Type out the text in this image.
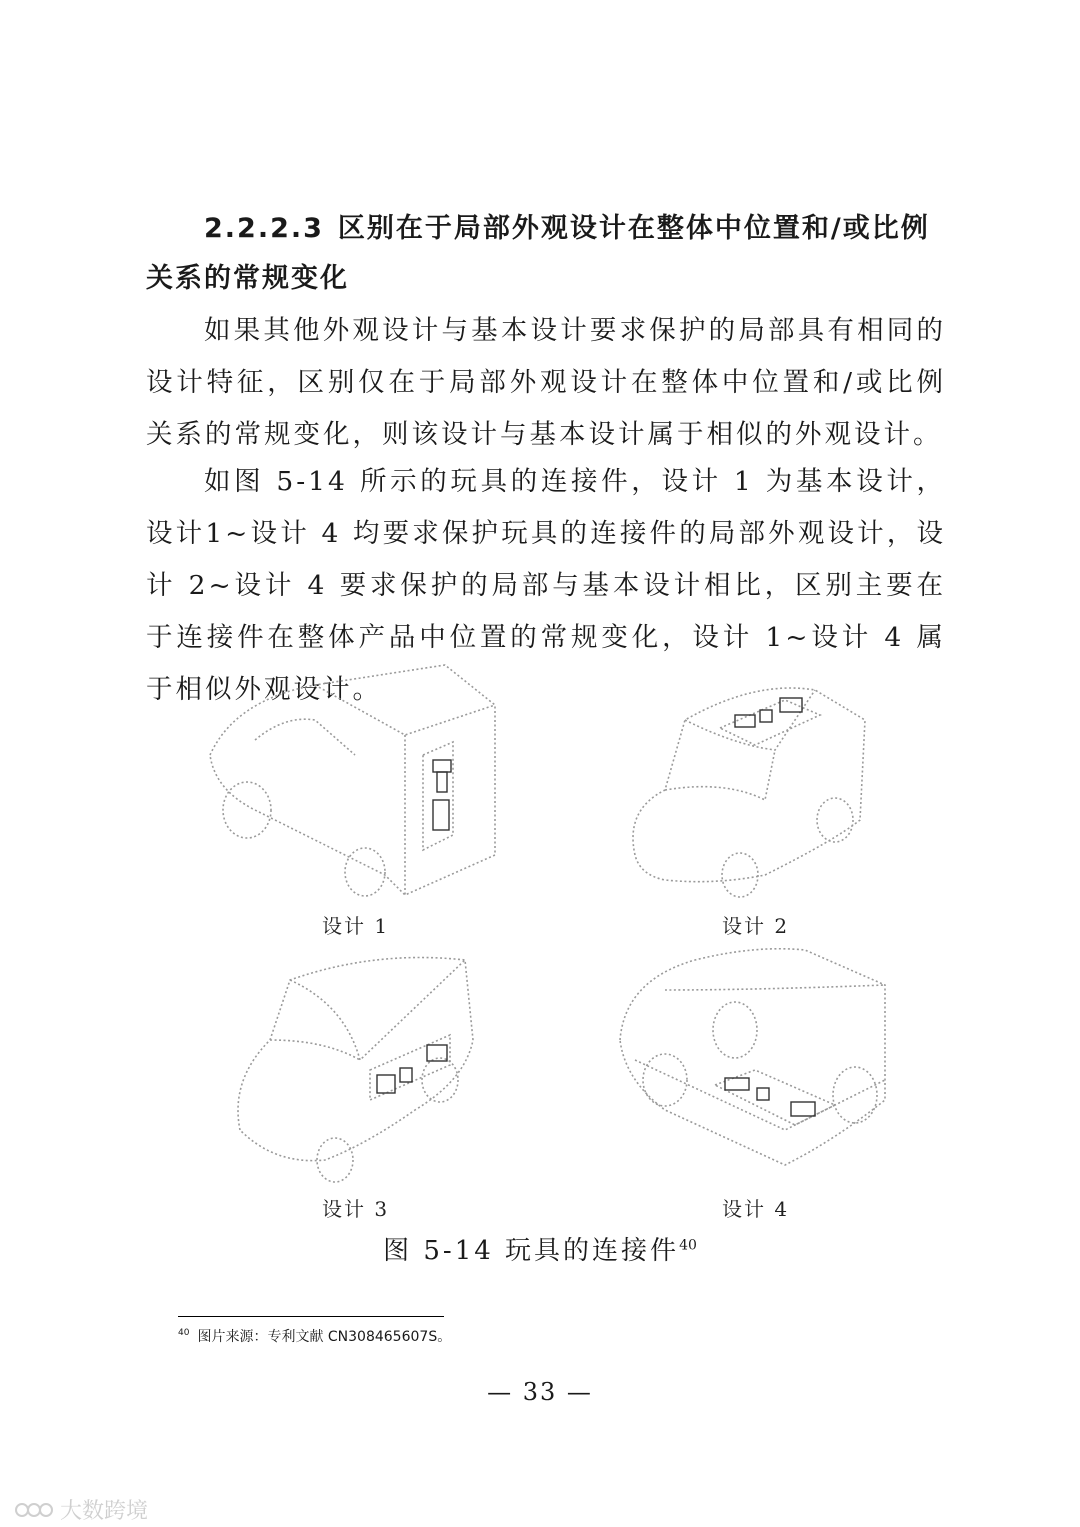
2.2.2.3 区别在于局部外观设计在整体中位置和/或比例关系的常规变化
如果其他外观设计与基本设计要求保护的局部具有相同的设计特征，区别仅在于局部外观设计在整体中位置和/或比例关系的常规变化，则该设计与基本设计属于相似的外观设计。
如图 5-14 所示的玩具的连接件，设计 1 为基本设计，设计1~设计 4 均要求保护玩具的连接件的局部外观设计，设计 2~设计 4 要求保护的局部与基本设计相比，区别主要在于连接件在整体产品中位置的常规变化，设计 1~设计 4 属于相似外观设计。
设计 1	设计 2
设计 3	设计 4
图 5-14 玩具的连接件$^{40}$
$^{40}$ 图片来源：专利文献 CN308465607S。
— 33 —
大数跨境
